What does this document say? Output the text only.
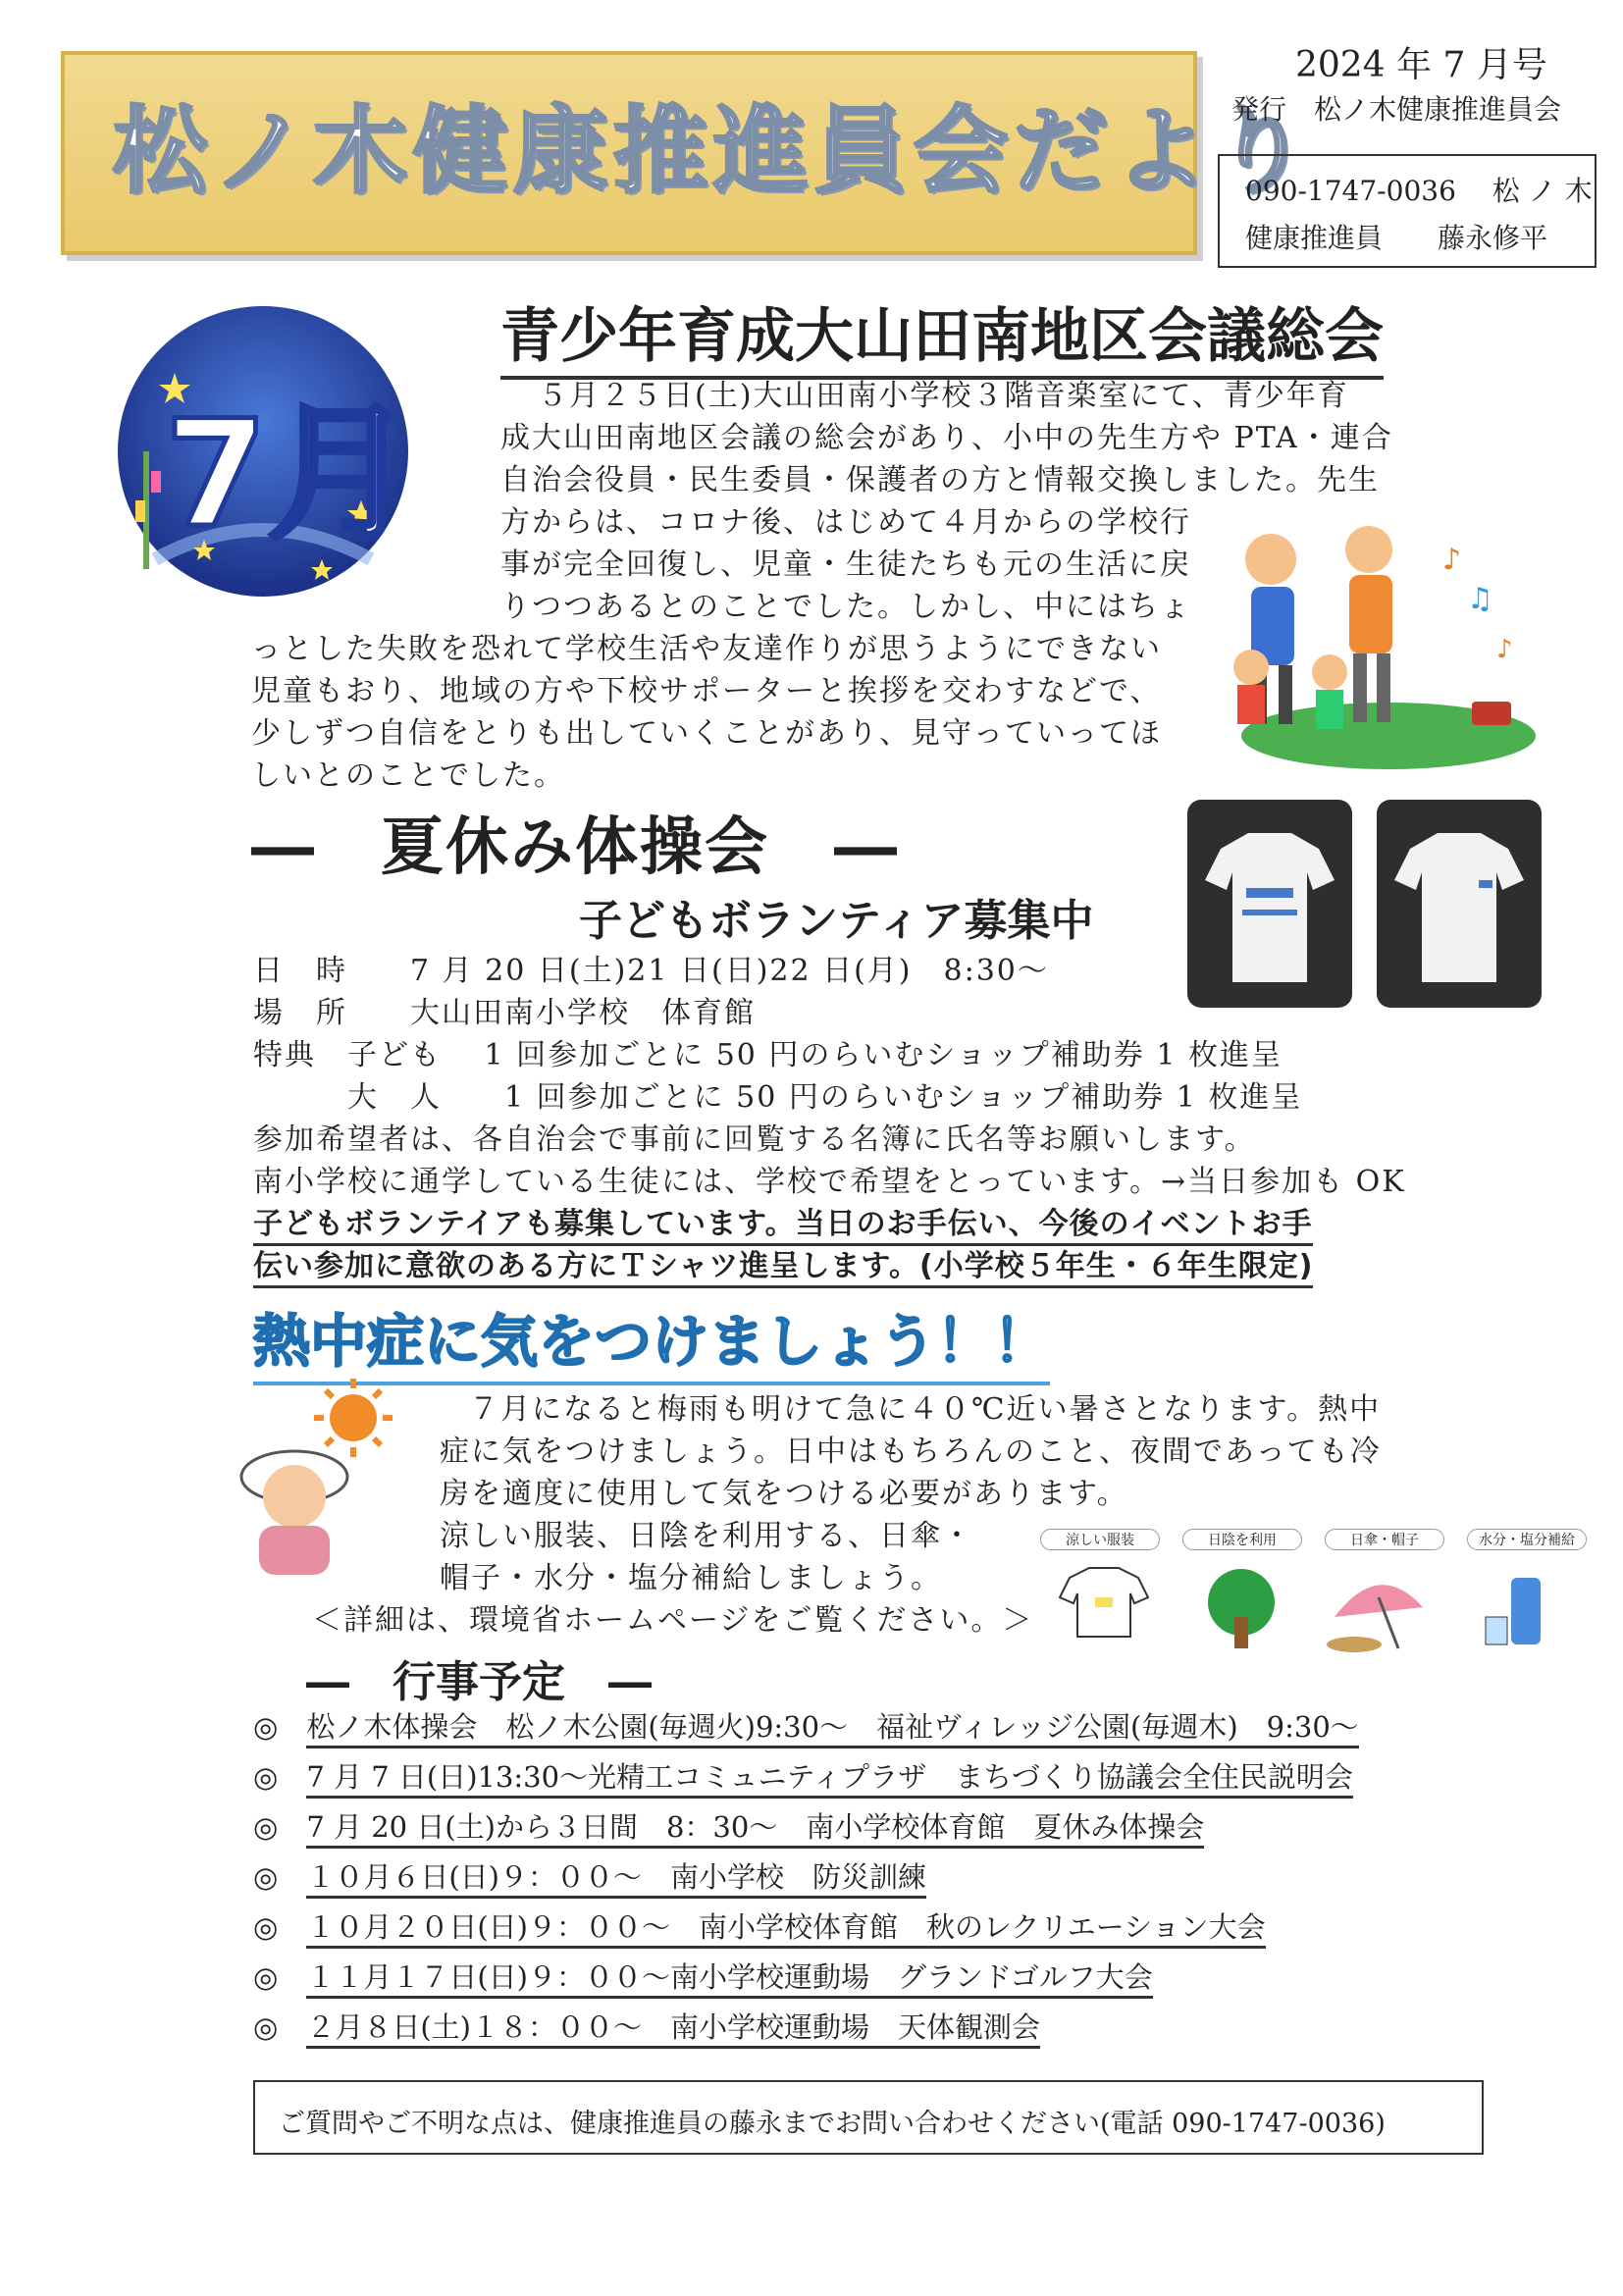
松ノ木健康推進員会だより
2024 年 7 月号
発行　松ノ木健康推進員会
090-1747-0036　 松 ノ 木
健康推進員　　藤永修平
7月
青少年育成大山田南地区会議総会
５月２５日(土)大山田南小学校３階音楽室にて、青少年育
成大山田南地区会議の総会があり、小中の先生方や PTA・連合
自治会役員・民生委員・保護者の方と情報交換しました。先生
方からは、コロナ後、はじめて４月からの学校行
事が完全回復し、児童・生徒たちも元の生活に戻
りつつあるとのことでした。しかし、中にはちょ
っとした失敗を恐れて学校生活や友達作りが思うようにできない
児童もおり、地域の方や下校サポーターと挨拶を交わすなどで、
少しずつ自信をとりも出していくことがあり、見守っていってほ
しいとのことでした。
♪
♫
♪
―　夏休み体操会　―
子どもボランティア募集中
日　時　　7 月 20 日(土)21 日(日)22 日(月)　8:30～
場　所　　大山田南小学校　体育館
特典　子ども　 1 回参加ごとに 50 円のらいむショップ補助券 1 枚進呈
　　　大　人　　1 回参加ごとに 50 円のらいむショップ補助券 1 枚進呈
参加希望者は、各自治会で事前に回覧する名簿に氏名等お願いします。
南小学校に通学している生徒には、学校で希望をとっています。→当日参加も OK
子どもボランテイアも募集しています。当日のお手伝い、今後のイベントお手
伝い参加に意欲のある方にＴシャツ進呈します。(小学校５年生・６年生限定)
熱中症に気をつけましょう！！
７月になると梅雨も明けて急に４０℃近い暑さとなります。熱中
症に気をつけましょう。日中はもちろんのこと、夜間であっても冷
房を適度に使用して気をつける必要があります。
涼しい服装、日陰を利用する、日傘・
帽子・水分・塩分補給しましょう。
＜詳細は、環境省ホームページをご覧ください。＞
涼しい服装	日陰を利用	日傘・帽子	水分・塩分補給
―　行事予定　―
◎　 松ノ木体操会　松ノ木公園(毎週火)9:30～　福祉ヴィレッジ公園(毎週木)　9:30～
◎　 7 月 7 日(日)13:30～光精工コミュニティプラザ　まちづくり協議会全住民説明会
◎　 7 月 20 日(土)から３日間　8：30～　南小学校体育館　夏休み体操会
◎　 １０月６日(日)９：００～　南小学校　防災訓練
◎　 １０月２０日(日)９：００～　南小学校体育館　秋のレクリエーション大会
◎　 １１月１７日(日)９：００～南小学校運動場　グランドゴルフ大会
◎　 ２月８日(土)１８：００～　南小学校運動場　天体観測会
ご質問やご不明な点は、健康推進員の藤永までお問い合わせください(電話 090-1747-0036)
